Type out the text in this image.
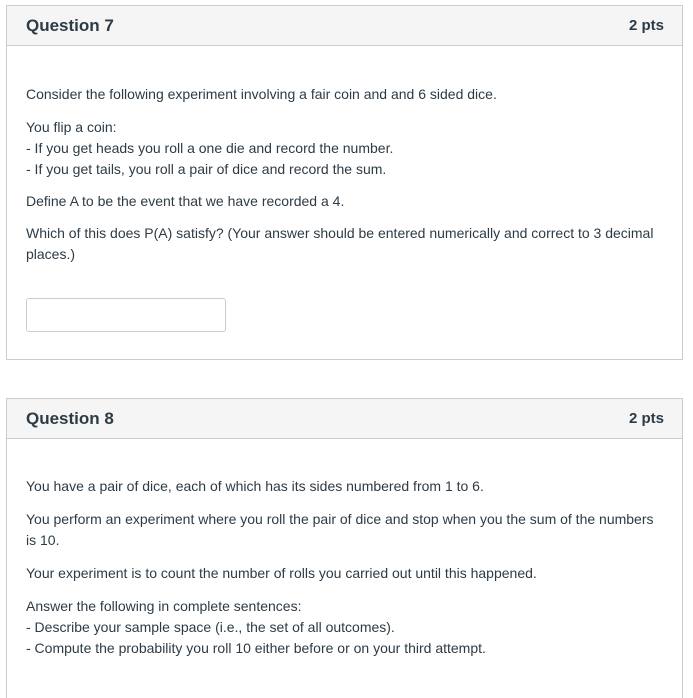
Question 7	2 pts

Consider the following experiment involving a fair coin and and 6 sided dice.

You flip a coin:

- If you get heads you roll a one die and record the number.

- If you get tails, you roll a pair of dice and record the sum.

Define A to be the event that we have recorded a 4.

Which of this does P(A) satisfy? (Your answer should be entered numerically and correct to 3 decimal
places.)

Question 8	2 pts

You have a pair of dice, each of which has its sides numbered from 1 to 6.

You perform an experiment where you roll the pair of dice and stop when you the sum of the numbers
is 10.

Your experiment is to count the number of rolls you carried out until this happened.

Answer the following in complete sentences:

- Describe your sample space (i.e., the set of all outcomes).

- Compute the probability you roll 10 either before or on your third attempt.
